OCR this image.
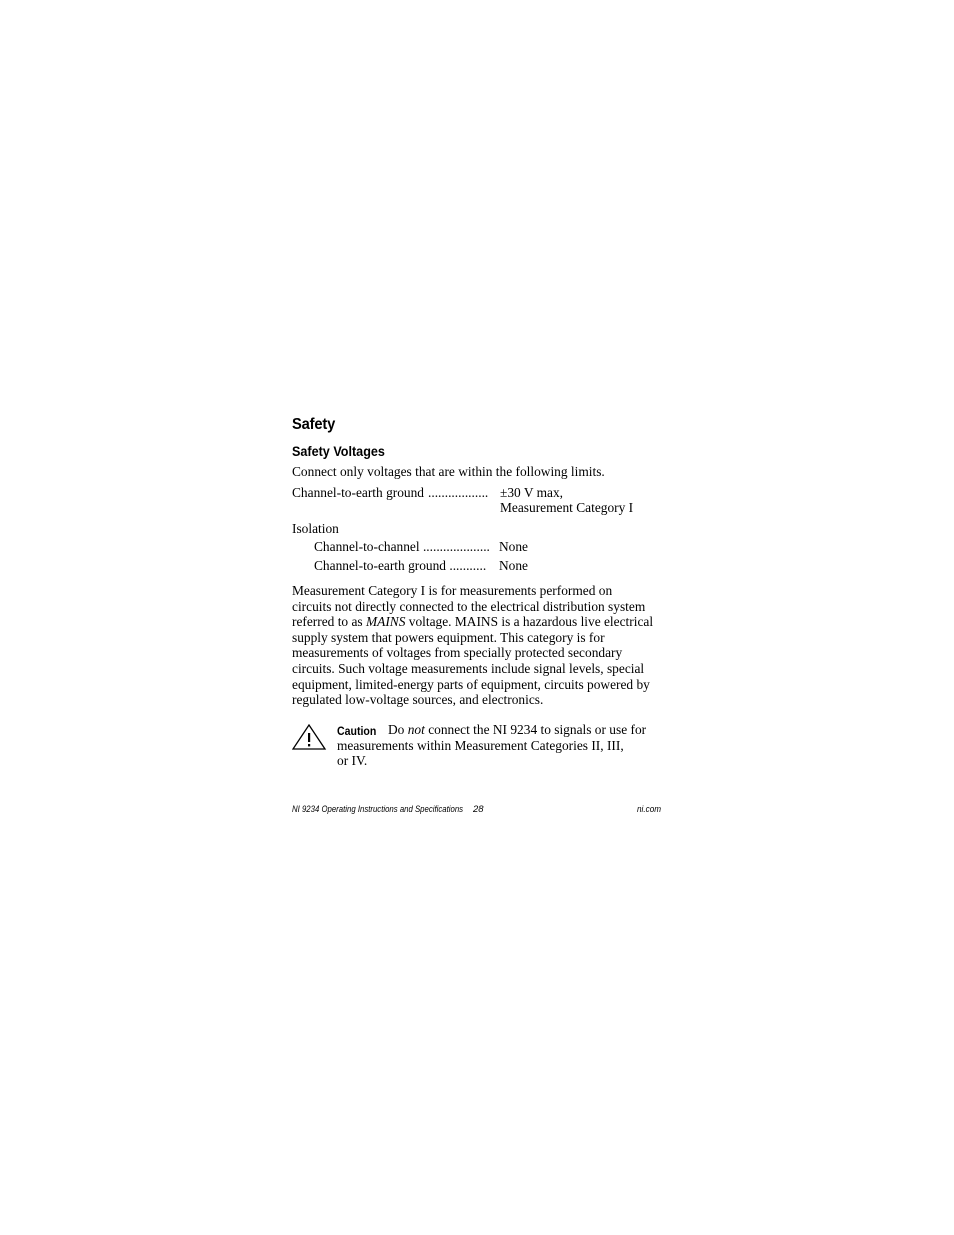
Safety
Safety Voltages
Connect only voltages that are within the following limits.
Channel-to-earth ground .................. ±30 V max,
Measurement Category I
Isolation
Channel-to-channel .................... None
Channel-to-earth ground ........... None
Measurement Category I is for measurements performed on
circuits not directly connected to the electrical distribution system
referred to as MAINS voltage. MAINS is a hazardous live electrical
supply system that powers equipment. This category is for
measurements of voltages from specially protected secondary
circuits. Such voltage measurements include signal levels, special
equipment, limited-energy parts of equipment, circuits powered by
regulated low-voltage sources, and electronics.
Caution Do not connect the NI 9234 to signals or use for
measurements within Measurement Categories II, III,
or IV.
NI 9234 Operating Instructions and Specifications 28	ni.com
